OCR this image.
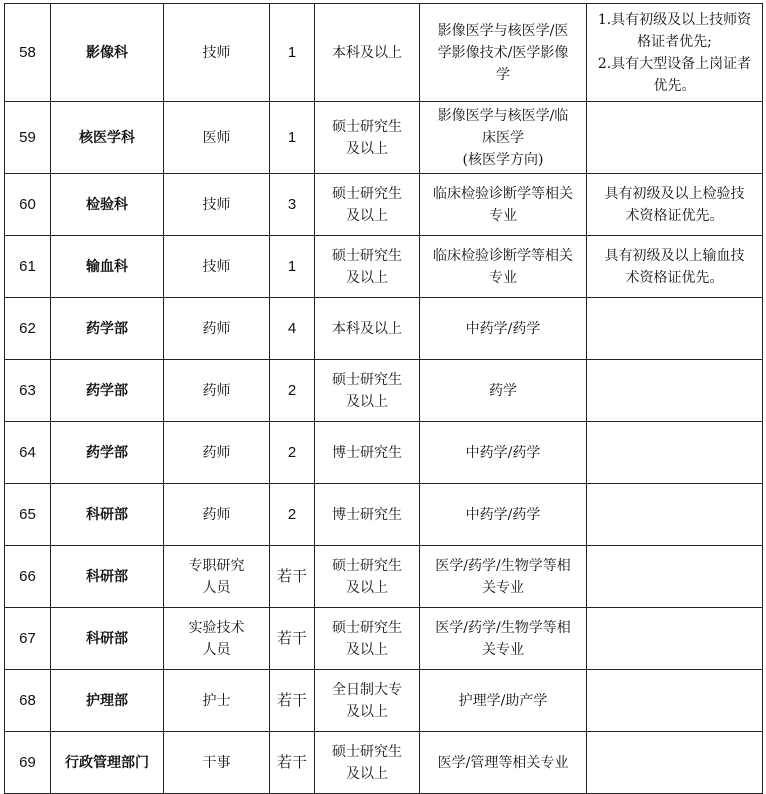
58	影像科	技师	1	本科及以上	影像医学与核医学/医
学影像技术/医学影像
学	1.具有初级及以上技师资
格证者优先;
2.具有大型设备上岗证者
优先。

59	核医学科	医师	1	硕士研究生
及以上	影像医学与核医学/临
床医学
(核医学方向)	

60	检验科	技师	3	硕士研究生
及以上	临床检验诊断学等相关
专业	具有初级及以上检验技
术资格证优先。

61	输血科	技师	1	硕士研究生
及以上	临床检验诊断学等相关
专业	具有初级及以上输血技
术资格证优先。

62	药学部	药师	4	本科及以上	中药学/药学	

63	药学部	药师	2	硕士研究生
及以上	药学	

64	药学部	药师	2	博士研究生	中药学/药学	

65	科研部	药师	2	博士研究生	中药学/药学	

66	科研部	专职研究
人员	若干	硕士研究生
及以上	医学/药学/生物学等相
关专业	

67	科研部	实验技术
人员	若干	硕士研究生
及以上	医学/药学/生物学等相
关专业	

68	护理部	护士	若干	全日制大专
及以上	护理学/助产学	

69	行政管理部门	干事	若干	硕士研究生
及以上	医学/管理等相关专业	
